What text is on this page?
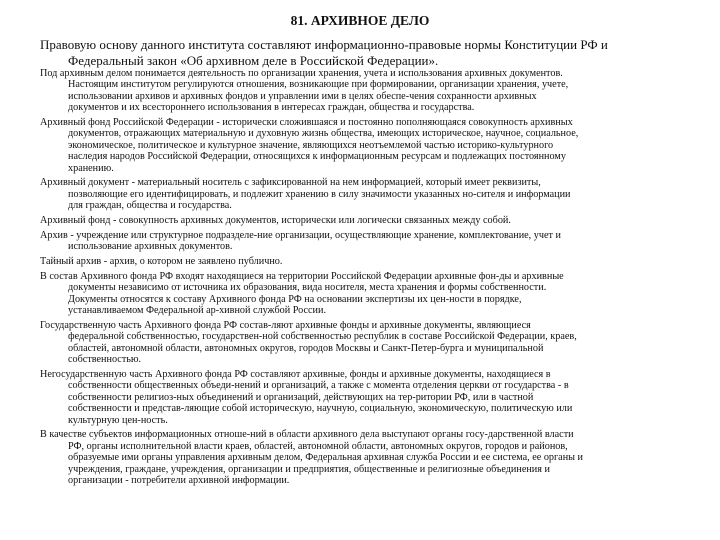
81. АРХИВНОЕ ДЕЛО
Правовую основу данного института составляют информационно-правовые нормы Конституции РФ и
Федеральный закон «Об архивном деле в Российской Федерации».
Под архивным делом понимается деятельность по организации хранения, учета и использования архивных документов.
Настоящим институтом регулируются отношения, возникающие при формировании, организации хранения, учете,
использовании архивов и архивных фондов и управлении ими в целях обеспе-чения сохранности архивных
документов и их всестороннего использования в интересах граждан, общества и государства.
Архивный фонд Российской Федерации - исторически сложившаяся и постоянно пополняющаяся совокупность архивных
документов, отражающих материальную и духовную жизнь общества, имеющих историческое, научное, социальное,
экономическое, политическое и культурное значение, являющихся неотъемлемой частью историко-культурного
наследия народов Российской Федерации, относящихся к информационным ресурсам и подлежащих постоянному
хранению.
Архивный документ - материальный носитель с зафиксированной на нем информацией, который имеет реквизиты,
позволяющие его идентифицировать, и подлежит хранению в силу значимости указанных но-сителя и информации
для граждан, общества и государства.
Архивный фонд - совокупность архивных документов, исторически или логически связанных между собой.
Архив - учреждение или структурное подразделе-ние организации, осуществляющие хранение, комплектование, учет и
использование архивных документов.
Тайный архив - архив, о котором не заявлено публично.
В состав Архивного фонда РФ входят находящиеся на территории Российской Федерации архивные фон-ды и архивные
документы независимо от источника их образования, вида носителя, места хранения и формы собственности.
Документы относятся к составу Архивного фонда РФ на основании экспертизы их цен-ности в порядке,
устанавливаемом Федеральной ар-хивной службой России.
Государственную часть Архивного фонда РФ состав-ляют архивные фонды и архивные документы, являющиеся
федеральной собственностью, государствен-ной собственностью республик в составе Российской Федерации, краев,
областей, автономной области, автономных округов, городов Москвы и Санкт-Петер-бурга и муниципальной
собственностью.
Негосударственную часть Архивного фонда РФ составляют архивные, фонды и архивные документы, находящиеся в
собственности общественных объеди-нений и организаций, а также с момента отделения церкви от государства - в
собственности религиоз-ных объединений и организаций, действующих на тер-ритории РФ, или в частной
собственности и представ-ляющие собой историческую, научную, социальную, экономическую, политическую или
культурную цен-ность.
В качестве субъектов информационных отноше-ний в области архивного дела выступают органы госу-дарственной власти
РФ, органы исполнительной власти краев, областей, автономной области, автономных округов, городов и районов,
образуемые ими органы управления архивным делом, Федеральная архивная служба России и ее система, ее органы и
учреждения, граждане, учреждения, организации и предприятия, общественные и религиозные объединения и
организации - потребители архивной информации.
